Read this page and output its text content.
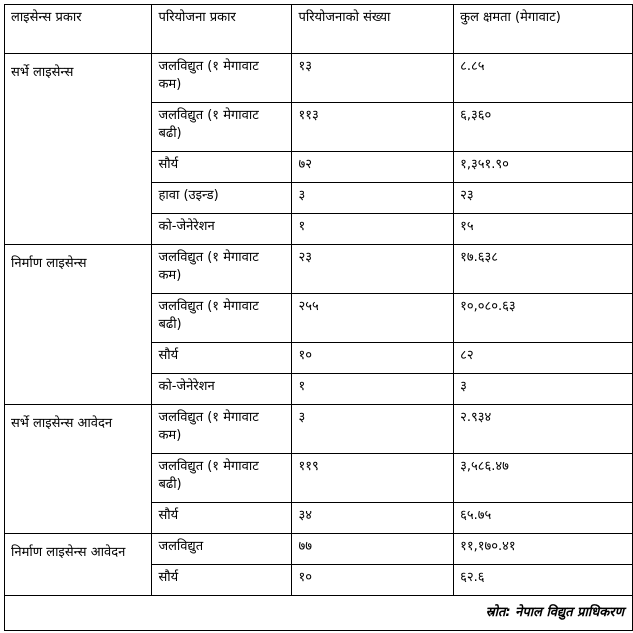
लाइसेन्स प्रकार	परियोजना प्रकार	परियोजनाको संख्या	कुल क्षमता (मेगावाट)
सर्भे लाइसेन्स	जलविद्युत (१ मेगावाट कम)	१३	८.८५
	जलविद्युत (१ मेगावाट बढी)	११३	६,३६०
	सौर्य	७२	१,३५१.९०
	हावा (उइन्ड)	३	२३
	को-जेनेरेशन	१	१५
निर्माण लाइसेन्स	जलविद्युत (१ मेगावाट कम)	२३	१७.६३८
	जलविद्युत (१ मेगावाट बढी)	२५५	१०,०८०.६३
	सौर्य	१०	८२
	को-जेनेरेशन	१	३
सर्भे लाइसेन्स आवेदन	जलविद्युत (१ मेगावाट कम)	३	२.९३४
	जलविद्युत (१ मेगावाट बढी)	११९	३,५८६.४७
	सौर्य	३४	६५.७५
निर्माण लाइसेन्स आवेदन	जलविद्युत	७७	११,१७०.४१
	सौर्य	१०	६२.६
स्रोत: नेपाल विद्युत प्राधिकरण			
